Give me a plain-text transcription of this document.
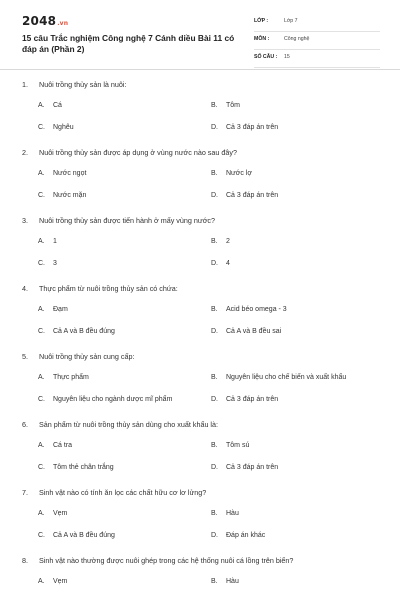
2048.vn
15 câu Trắc nghiệm Công nghệ 7 Cánh diều Bài 11 có đáp án (Phần 2)
LỚP :	Lớp 7
MÔN :	Công nghệ
SỐ CÂU : 15
1. Nuôi trồng thủy sản là nuôi:
A. Cá	B. Tôm
C. Nghêu	D. Cả 3 đáp án trên
2. Nuôi trồng thủy sản được áp dụng ở vùng nước nào sau đây?
A. Nước ngọt	B. Nước lợ
C. Nước mặn	D. Cả 3 đáp án trên
3. Nuôi trồng thủy sản được tiến hành ở mấy vùng nước?
A. 1	B. 2
C. 3	D. 4
4. Thực phẩm từ nuôi trồng thủy sản có chứa:
A. Đạm	B. Acid béo omega - 3
C. Cả A và B đều đúng	D. Cả A và B đều sai
5. Nuôi trồng thủy sản cung cấp:
A. Thực phẩm	B. Nguyên liệu cho chế biến và xuất khẩu
C. Nguyên liệu cho ngành dược mĩ phẩm	D. Cả 3 đáp án trên
6. Sản phẩm từ nuôi trồng thủy sản dùng cho xuất khẩu là:
A. Cá tra	B. Tôm sú
C. Tôm thẻ chân trắng	D. Cả 3 đáp án trên
7. Sinh vật nào có tính ăn lọc các chất hữu cơ lơ lửng?
A. Vẹm	B. Hàu
C. Cả A và B đều đúng	D. Đáp án khác
8. Sinh vật nào thường được nuôi ghép trong các hệ thống nuôi cá lồng trên biển?
A. Vẹm	B. Hàu
